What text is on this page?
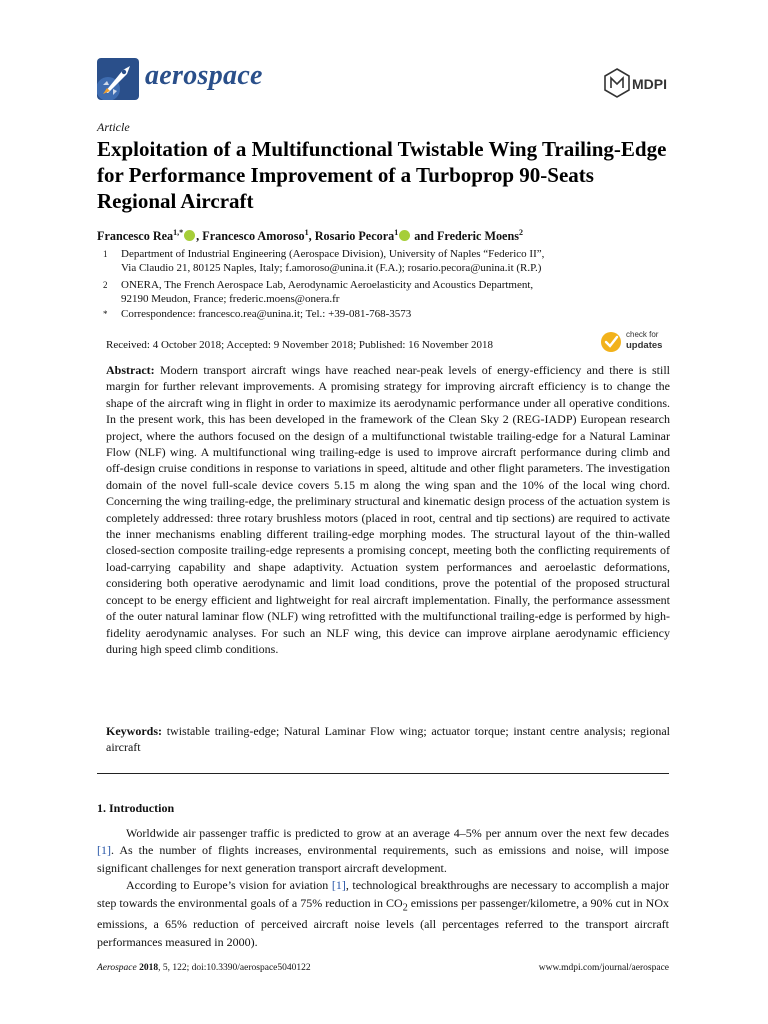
aerospace	MDPI
Article
Exploitation of a Multifunctional Twistable Wing Trailing-Edge for Performance Improvement of a Turboprop 90-Seats Regional Aircraft
Francesco Rea$^{1,*}$ , Francesco Amoroso$^1$, Rosario Pecora$^1$ and Frederic Moens$^2$
1 Department of Industrial Engineering (Aerospace Division), University of Naples “Federico II”,
Via Claudio 21, 80125 Naples, Italy; f.amoroso@unina.it (F.A.); rosario.pecora@unina.it (R.P.)
2 ONERA, The French Aerospace Lab, Aerodynamic Aeroelasticity and Acoustics Department,
92190 Meudon, France; frederic.moens@onera.fr
* Correspondence: francesco.rea@unina.it; Tel.: +39-081-768-3573
check for
updates
Received: 4 October 2018; Accepted: 9 November 2018; Published: 16 November 2018
Abstract: Modern transport aircraft wings have reached near-peak levels of energy-efficiency and there is still margin for further relevant improvements. A promising strategy for improving aircraft efficiency is to change the shape of the aircraft wing in flight in order to maximize its aerodynamic performance under all operative conditions. In the present work, this has been developed in the framework of the Clean Sky 2 (REG-IADP) European research project, where the authors focused on the design of a multifunctional twistable trailing-edge for a Natural Laminar Flow (NLF) wing. A multifunctional wing trailing-edge is used to improve aircraft performance during climb and off-design cruise conditions in response to variations in speed, altitude and other flight parameters. The investigation domain of the novel full-scale device covers 5.15 m along the wing span and the 10% of the local wing chord. Concerning the wing trailing-edge, the preliminary structural and kinematic design process of the actuation system is completely addressed: three rotary brushless motors (placed in root, central and tip sections) are required to activate the inner mechanisms enabling different trailing-edge morphing modes. The structural layout of the thin-walled closed-section composite trailing-edge represents a promising concept, meeting both the conflicting requirements of load-carrying capability and shape adaptivity. Actuation system performances and aeroelastic deformations, considering both operative aerodynamic and limit load conditions, prove the potential of the proposed structural concept to be energy efficient and lightweight for real aircraft implementation. Finally, the performance assessment of the outer natural laminar flow (NLF) wing retrofitted with the multifunctional trailing-edge is performed by high-fidelity aerodynamic analyses. For such an NLF wing, this device can improve airplane aerodynamic efficiency during high speed climb conditions.
Keywords: twistable trailing-edge; Natural Laminar Flow wing; actuator torque; instant centre analysis; regional aircraft
1. Introduction

Worldwide air passenger traffic is predicted to grow at an average 4–5% per annum over the next few decades [1]. As the number of flights increases, environmental requirements, such as emissions and noise, will impose significant challenges for next generation transport aircraft development.

According to Europe’s vision for aviation [1], technological breakthroughs are necessary to accomplish a major step towards the environmental goals of a 75% reduction in $CO_2$ emissions per passenger/kilometre, a 90% cut in NOx emissions, a 65% reduction of perceived aircraft noise levels (all percentages referred to the transport aircraft performances measured in 2000).

Aerospace 2018, 5, 122; doi:10.3390/aerospace5040122	www.mdpi.com/journal/aerospace
